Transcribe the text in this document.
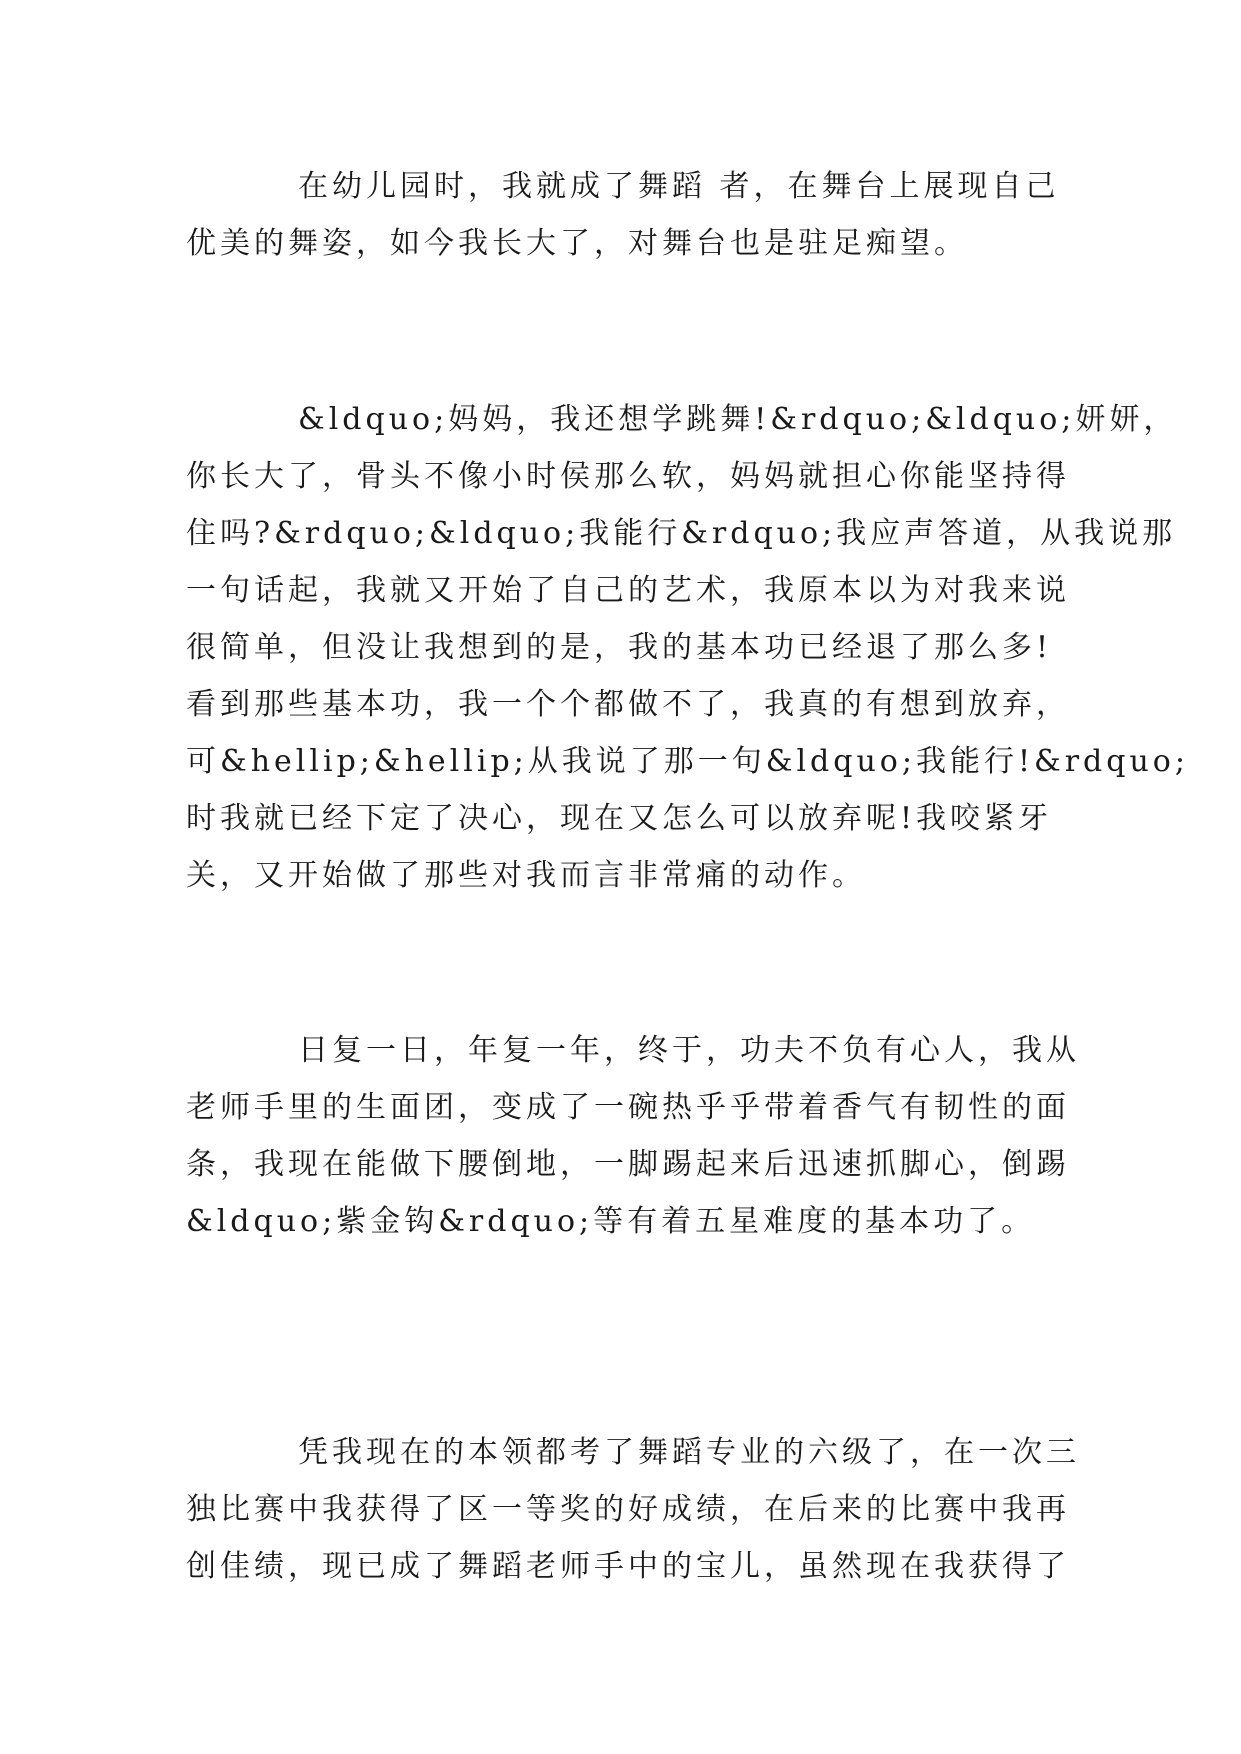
在幼儿园时，我就成了舞蹈 者，在舞台上展现自己
优美的舞姿，如今我长大了，对舞台也是驻足痴望。
&ldquo;妈妈，我还想学跳舞!&rdquo;&ldquo;妍妍，
你长大了，骨头不像小时侯那么软，妈妈就担心你能坚持得
住吗?&rdquo;&ldquo;我能行&rdquo;我应声答道，从我说那
一句话起，我就又开始了自己的艺术，我原本以为对我来说
很简单，但没让我想到的是，我的基本功已经退了那么多!
看到那些基本功，我一个个都做不了，我真的有想到放弃，
可&hellip;&hellip;从我说了那一句&ldquo;我能行!&rdquo;
时我就已经下定了决心，现在又怎么可以放弃呢!我咬紧牙
关，又开始做了那些对我而言非常痛的动作。
日复一日，年复一年，终于，功夫不负有心人，我从
老师手里的生面团，变成了一碗热乎乎带着香气有韧性的面
条，我现在能做下腰倒地，一脚踢起来后迅速抓脚心，倒踢
&ldquo;紫金钩&rdquo;等有着五星难度的基本功了。
凭我现在的本领都考了舞蹈专业的六级了，在一次三
独比赛中我获得了区一等奖的好成绩，在后来的比赛中我再
创佳绩，现已成了舞蹈老师手中的宝儿，虽然现在我获得了
